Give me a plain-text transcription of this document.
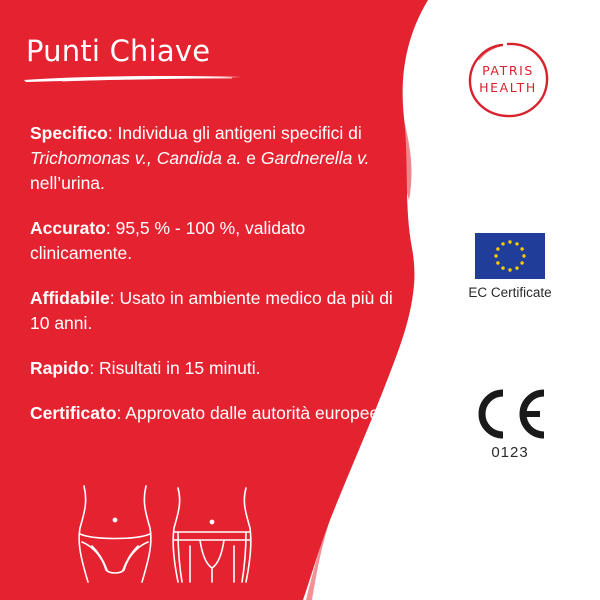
Punti Chiave
Specifico: Individua gli antigeni specifici di Trichomonas v., Candida a. e Gardnerella v. nell’urina.
Accurato: 95,5 % - 100 %, validato clinicamente.
Affidabile: Usato in ambiente medico da più di 10 anni.
Rapido: Risultati in 15 minuti.
Certificato: Approvato dalle autorità europee.
PATRIS
HEALTH
EC Certificate
0123
